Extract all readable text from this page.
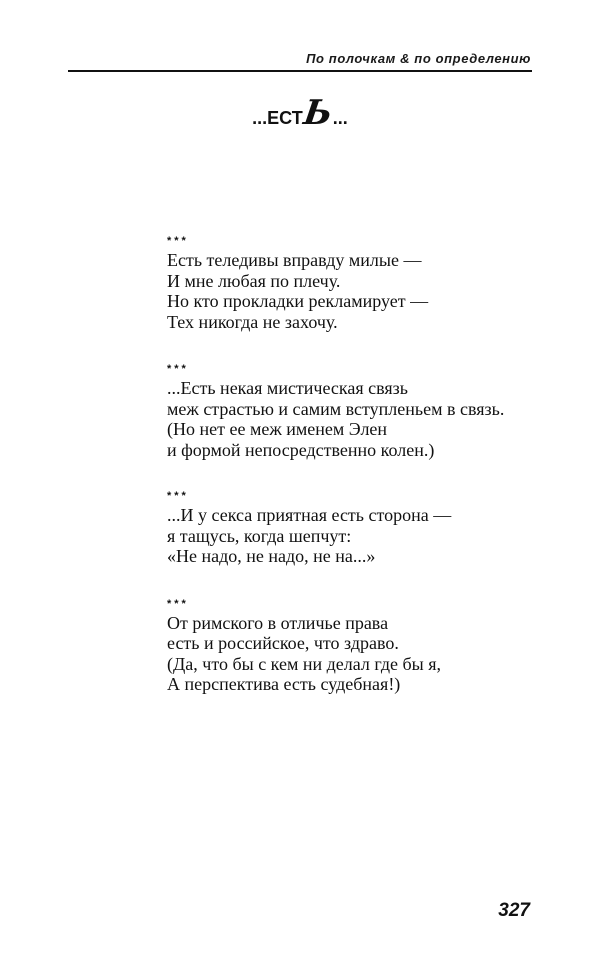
По полочкам & по определению
...ЕСТЬ...
***
Есть теледивы вправду милые —
И мне любая по плечу.
Но кто прокладки рекламирует —
Тех никогда не захочу.
***
...Есть некая мистическая связь
меж страстью и самим вступленьем в связь.
(Но нет ее меж именем Элен
и формой непосредственно колен.)
***
...И у секса приятная есть сторона —
я тащусь, когда шепчут:
«Не надо, не надо, не на...»
***
От римского в отличье права
есть и российское, что здраво.
(Да, что бы с кем ни делал где бы я,
А перспектива есть судебная!)
327
